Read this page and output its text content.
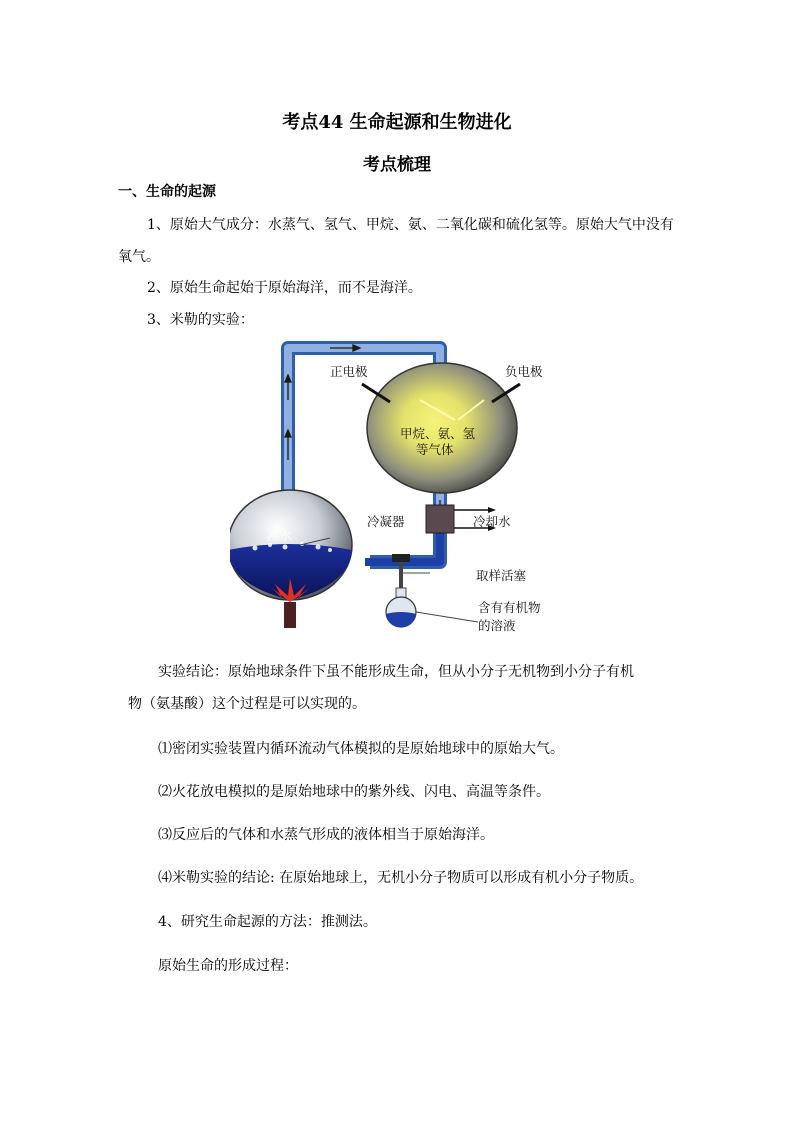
考点44 生命起源和生物进化
考点梳理
一、生命的起源
1、原始大气成分：水蒸气、氢气、甲烷、氨、二氧化碳和硫化氢等。原始大气中没有
氧气。
2、原始生命起始于原始海洋，而不是海洋。
3、米勒的实验：
正电极	负电极
甲烷、氨、氢
等气体
沸水
冷凝器	冷却水
取样活塞
含有有机物
的溶液
实验结论：原始地球条件下虽不能形成生命，但从小分子无机物到小分子有机
物（氨基酸）这个过程是可以实现的。
⑴密闭实验装置内循环流动气体模拟的是原始地球中的原始大气。
⑵火花放电模拟的是原始地球中的紫外线、闪电、高温等条件。
⑶反应后的气体和水蒸气形成的液体相当于原始海洋。
⑷米勒实验的结论: 在原始地球上，无机小分子物质可以形成有机小分子物质。
4、研究生命起源的方法：推测法。
原始生命的形成过程：
